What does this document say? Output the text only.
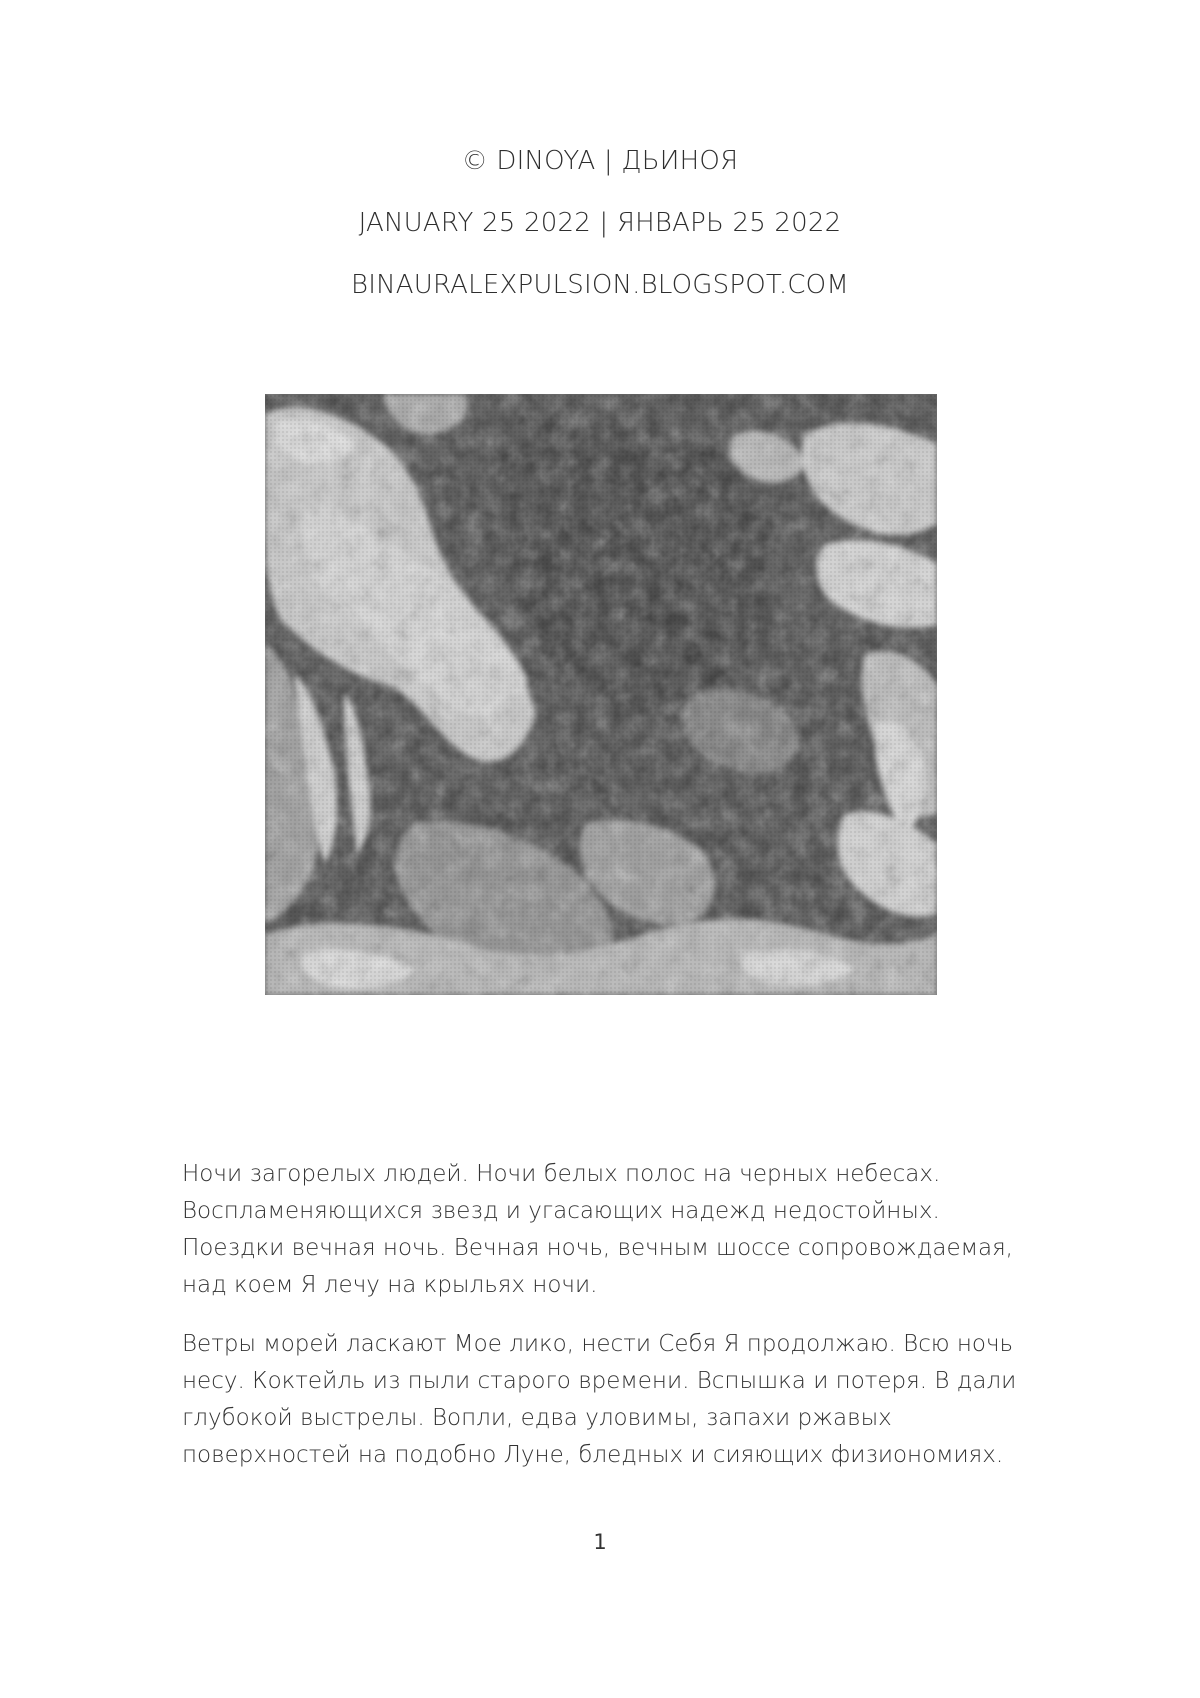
© DINOYA | ДЬИНОЯ
JANUARY 25 2022 | ЯНВАРЬ 25 2022
BINAURALEXPULSION.BLOGSPOT.COM
Ночи загорелых людей. Ночи белых полос на черных небесах. Воспламеняющихся звезд и угасающих надежд недостойных. Поездки вечная ночь. Вечная ночь, вечным шоссе сопровождаемая, над коем Я лечу на крыльях ночи.
Ветры морей ласкают Мое лико, нести Себя Я продолжаю. Всю ночь несу. Коктейль из пыли старого времени. Вспышка и потеря. В дали глубокой выстрелы. Вопли, едва уловимы, запахи ржавых поверхностей на подобно Луне, бледных и сияющих физиономиях.
1
